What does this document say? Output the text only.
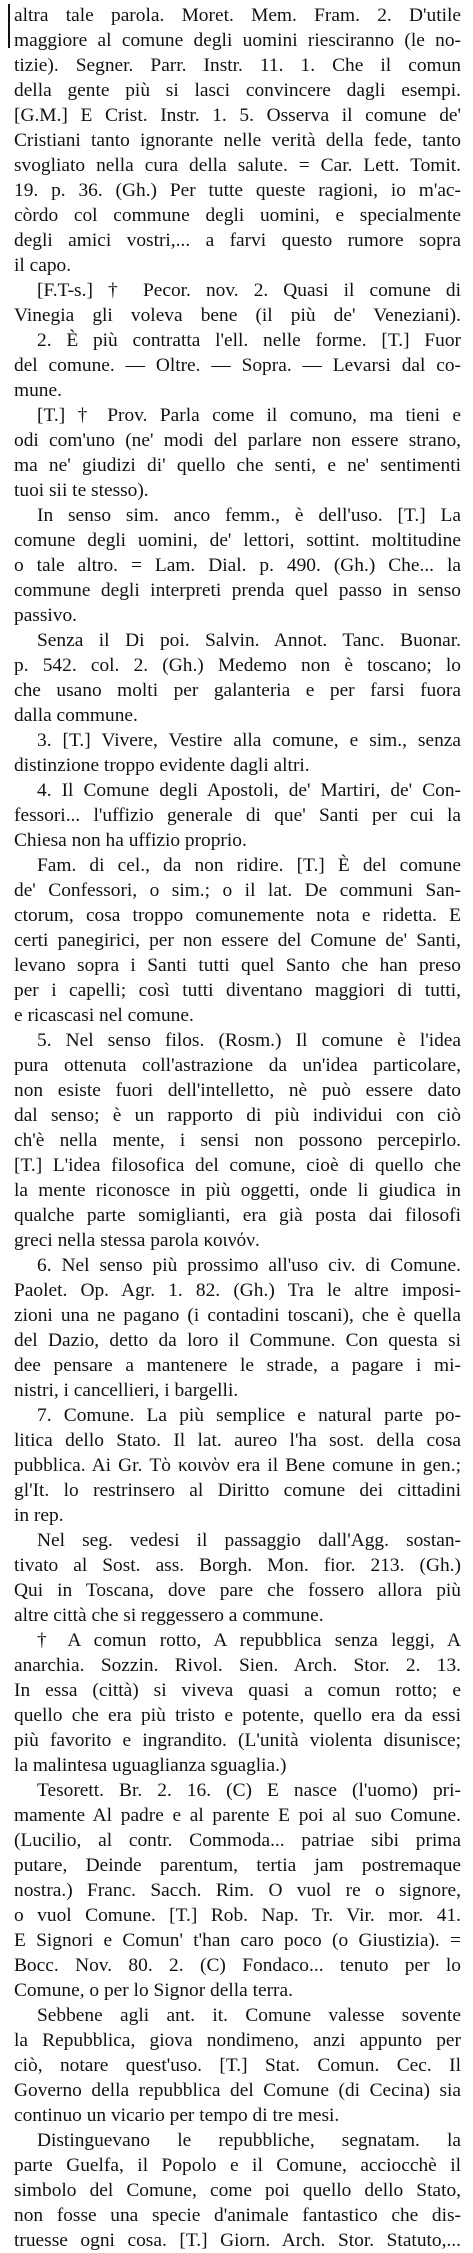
altra tale parola. Moret. Mem. Fram. 2. D'utile
maggiore al comune degli uomini riesciranno (le no-
tizie). Segner. Parr. Instr. 11. 1. Che il comun
della gente più si lasci convincere dagli esempi.
[G.M.] E Crist. Instr. 1. 5. Osserva il comune de'
Cristiani tanto ignorante nelle verità della fede, tanto
svogliato nella cura della salute. = Car. Lett. Tomit.
19. p. 36. (Gh.) Per tutte queste ragioni, io m'ac-
còrdo col commune degli uomini, e specialmente
degli amici vostri,... a farvi questo rumore sopra
il capo.
[F.T-s.] † Pecor. nov. 2. Quasi il comune di
Vinegia gli voleva bene (il più de' Veneziani).
2. È più contratta l'ell. nelle forme. [T.] Fuor
del comune. — Oltre. — Sopra. — Levarsi dal co-
mune.
[T.] † Prov. Parla come il comuno, ma tieni e
odi com'uno (ne' modi del parlare non essere strano,
ma ne' giudizi di' quello che senti, e ne' sentimenti
tuoi sii te stesso).
In senso sim. anco femm., è dell'uso. [T.] La
comune degli uomini, de' lettori, sottint. moltitudine
o tale altro. = Lam. Dial. p. 490. (Gh.) Che... la
commune degli interpreti prenda quel passo in senso
passivo.
Senza il Di poi. Salvin. Annot. Tanc. Buonar.
p. 542. col. 2. (Gh.) Medemo non è toscano; lo
che usano molti per galanteria e per farsi fuora
dalla commune.
3. [T.] Vivere, Vestire alla comune, e sim., senza
distinzione troppo evidente dagli altri.
4. Il Comune degli Apostoli, de' Martiri, de' Con-
fessori... l'uffizio generale di que' Santi per cui la
Chiesa non ha uffizio proprio.
Fam. di cel., da non ridire. [T.] È del comune
de' Confessori, o sim.; o il lat. De communi San-
ctorum, cosa troppo comunemente nota e ridetta. E
certi panegirici, per non essere del Comune de' Santi,
levano sopra i Santi tutti quel Santo che han preso
per i capelli; così tutti diventano maggiori di tutti,
e ricascasi nel comune.
5. Nel senso filos. (Rosm.) Il comune è l'idea
pura ottenuta coll'astrazione da un'idea particolare,
non esiste fuori dell'intelletto, nè può essere dato
dal senso; è un rapporto di più individui con ciò
ch'è nella mente, i sensi non possono percepirlo.
[T.] L'idea filosofica del comune, cioè di quello che
la mente riconosce in più oggetti, onde li giudica in
qualche parte somiglianti, era già posta dai filosofi
greci nella stessa parola κοινόν.
6. Nel senso più prossimo all'uso civ. di Comune.
Paolet. Op. Agr. 1. 82. (Gh.) Tra le altre imposi-
zioni una ne pagano (i contadini toscani), che è quella
del Dazio, detto da loro il Commune. Con questa si
dee pensare a mantenere le strade, a pagare i mi-
nistri, i cancellieri, i bargelli.
7. Comune. La più semplice e natural parte po-
litica dello Stato. Il lat. aureo l'ha sost. della cosa
pubblica. Ai Gr. Τὸ κοινὸν era il Bene comune in gen.;
gl'It. lo restrinsero al Diritto comune dei cittadini
in rep.
Nel seg. vedesi il passaggio dall'Agg. sostan-
tivato al Sost. ass. Borgh. Mon. fior. 213. (Gh.)
Qui in Toscana, dove pare che fossero allora più
altre città che si reggessero a commune.
† A comun rotto, A repubblica senza leggi, A
anarchia. Sozzin. Rivol. Sien. Arch. Stor. 2. 13.
In essa (città) si viveva quasi a comun rotto; e
quello che era più tristo e potente, quello era da essi
più favorito e ingrandito. (L'unità violenta disunisce;
la malintesa uguaglianza sguaglia.)
Tesorett. Br. 2. 16. (C) E nasce (l'uomo) pri-
mamente Al padre e al parente E poi al suo Comune.
(Lucilio, al contr. Commoda... patriae sibi prima
putare, Deinde parentum, tertia jam postremaque
nostra.) Franc. Sacch. Rim. O vuol re o signore,
o vuol Comune. [T.] Rob. Nap. Tr. Vir. mor. 41.
E Signori e Comun' t'han caro poco (o Giustizia). =
Bocc. Nov. 80. 2. (C) Fondaco... tenuto per lo
Comune, o per lo Signor della terra.
Sebbene agli ant. it. Comune valesse sovente
la Repubblica, giova nondimeno, anzi appunto per
ciò, notare quest'uso. [T.] Stat. Comun. Cec. Il
Governo della repubblica del Comune (di Cecina) sia
continuo un vicario per tempo di tre mesi.
Distinguevano le repubbliche, segnatam. la
parte Guelfa, il Popolo e il Comune, acciocchè il
simbolo del Comune, come poi quello dello Stato,
non fosse una specie d'animale fantastico che dis-
truesse ogni cosa. [T.] Giorn. Arch. Stor. Statuto,...
